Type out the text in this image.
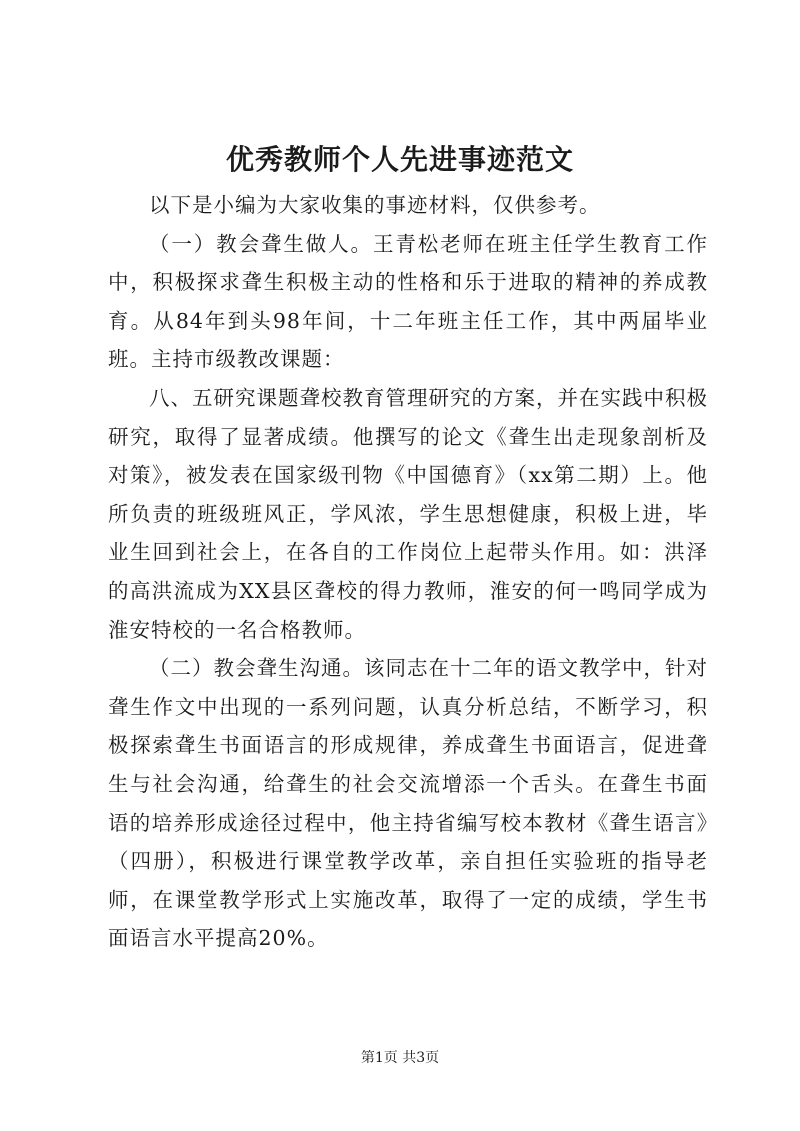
优秀教师个人先进事迹范文

以下是小编为大家收集的事迹材料，仅供参考。

（一）教会聋生做人。王青松老师在班主任学生教育工作中，积极探求聋生积极主动的性格和乐于进取的精神的养成教育。从84年到头98年间，十二年班主任工作，其中两届毕业班。主持市级教改课题：

八、五研究课题聋校教育管理研究的方案，并在实践中积极研究，取得了显著成绩。他撰写的论文《聋生出走现象剖析及对策》，被发表在国家级刊物《中国德育》（xx第二期）上。他所负责的班级班风正，学风浓，学生思想健康，积极上进，毕业生回到社会上，在各自的工作岗位上起带头作用。如：洪泽的高洪流成为XX县区聋校的得力教师，淮安的何一鸣同学成为淮安特校的一名合格教师。

（二）教会聋生沟通。该同志在十二年的语文教学中，针对聋生作文中出现的一系列问题，认真分析总结，不断学习，积极探索聋生书面语言的形成规律，养成聋生书面语言，促进聋生与社会沟通，给聋生的社会交流增添一个舌头。在聋生书面语的培养形成途径过程中，他主持省编写校本教材《聋生语言》（四册），积极进行课堂教学改革，亲自担任实验班的指导老师，在课堂教学形式上实施改革，取得了一定的成绩，学生书面语言水平提高20%。

第1页 共3页
